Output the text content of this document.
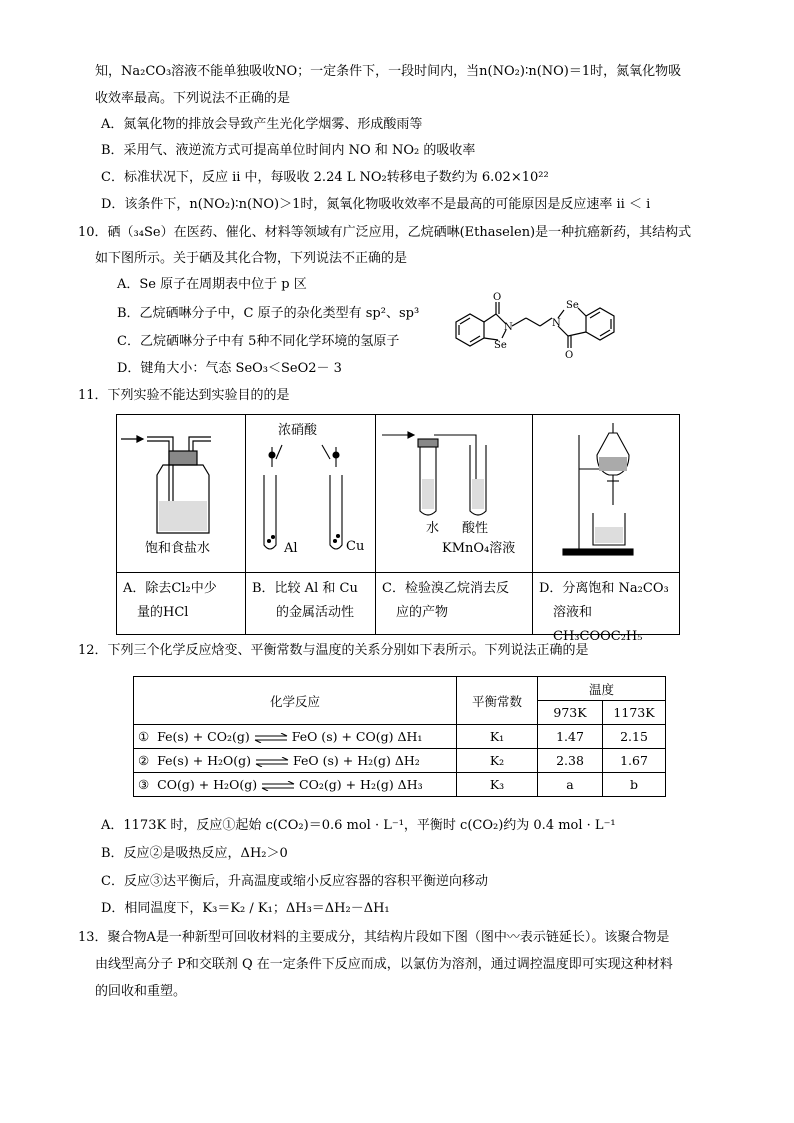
知，Na₂CO₃溶液不能单独吸收NO；一定条件下，一段时间内，当n(NO₂)∶n(NO)＝1时，氮氧化物吸
收效率最高。下列说法不正确的是
A．氮氧化物的排放会导致产生光化学烟雾、形成酸雨等
B．采用气、液逆流方式可提高单位时间内 NO 和 NO₂ 的吸收率
C．标准状况下，反应 ii 中，每吸收 2.24 L NO₂转移电子数约为 6.02×10²²
D．该条件下，n(NO₂)∶n(NO)＞1时，氮氧化物吸收效率不是最高的可能原因是反应速率 ii ＜ i
10．硒（₃₄Se）在医药、催化、材料等领域有广泛应用，乙烷硒啉(Ethaselen)是一种抗癌新药，其结构式
如下图所示。关于硒及其化合物，下列说法不正确的是
A．Se 原子在周期表中位于 p 区
B．乙烷硒啉分子中，C 原子的杂化类型有 sp²、sp³
C．乙烷硒啉分子中有 5种不同化学环境的氢原子
D．键角大小：气态 SeO₃＜SeO2－ 3
O
N
Se
Se
N
O
11．下列实验不能达到实验目的的是
饱和食盐水
A．除去Cl₂中少
量的HCl
浓硝酸
Al	Cu
B．比较 Al 和 Cu
的金属活动性
水 酸性
KMnO₄溶液
C．检验溴乙烷消去反
应的产物
D．分离饱和 Na₂CO₃
溶液和 CH₃COOC₂H₅
12．下列三个化学反应焓变、平衡常数与温度的关系分别如下表所示。下列说法正确的是
化学反应	平衡常数	温度	
		973K	1173K
① Fe(s) + CO₂(g) ⇌ FeO (s) + CO(g) ΔH₁	K₁	1.47	2.15
② Fe(s) + H₂O(g) ⇌ FeO (s) + H₂(g) ΔH₂	K₂	2.38	1.67
③ CO(g) + H₂O(g) ⇌ CO₂(g) + H₂(g) ΔH₃	K₃	a	b
A．1173K 时，反应①起始 c(CO₂)＝0.6 mol · L⁻¹，平衡时 c(CO₂)约为 0.4 mol · L⁻¹
B．反应②是吸热反应，ΔH₂＞0
C．反应③达平衡后，升高温度或缩小反应容器的容积平衡逆向移动
D．相同温度下，K₃＝K₂ / K₁；ΔH₃＝ΔH₂－ΔH₁
13．聚合物A是一种新型可回收材料的主要成分，其结构片段如下图（图中〰表示链延长）。该聚合物是
由线型高分子 P和交联剂 Q 在一定条件下反应而成，以氯仿为溶剂，通过调控温度即可实现这种材料
的回收和重塑。
